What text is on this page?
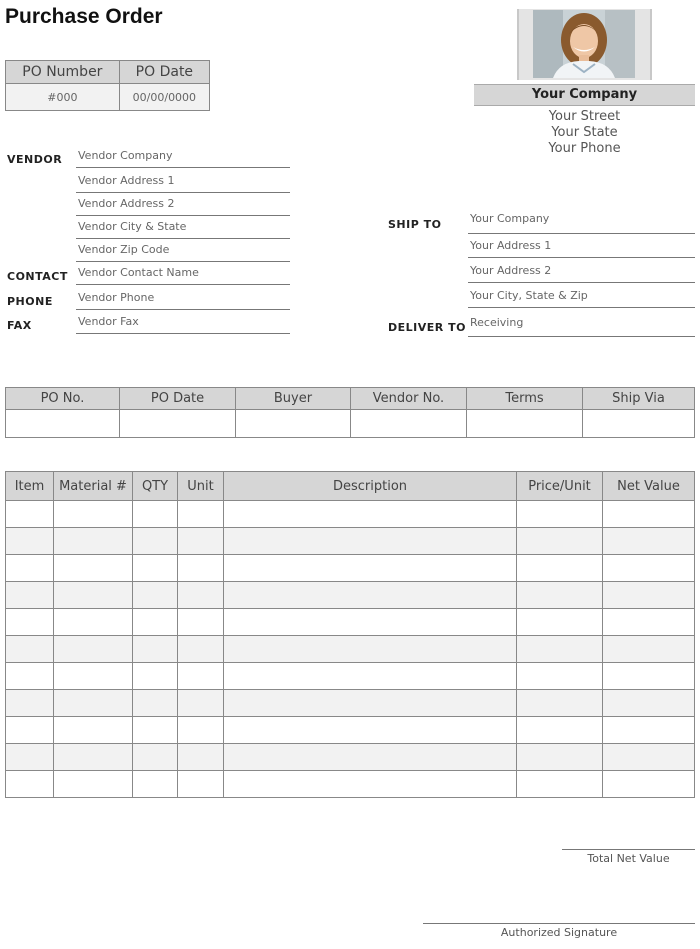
Purchase Order
PO Number	PO Date
#000	00/00/0000	Your Company
Your Street
Your State
Your Phone
VENDOR Vendor Company
Vendor Address 1
Vendor Address 2
Vendor City & State
Vendor Zip Code
CONTACT Vendor Contact Name
PHONE Vendor Phone
FAX	Vendor Fax
SHIP TO	Your Company
Your Address 1
Your Address 2
Your City, State & Zip
DELIVER TO Receiving
PO No.	PO Date	Buyer	Vendor No.	Terms	Ship Via

Item	Material #	QTY	Unit	Description	Price/Unit	Net Value

Total Net Value
Authorized Signature
